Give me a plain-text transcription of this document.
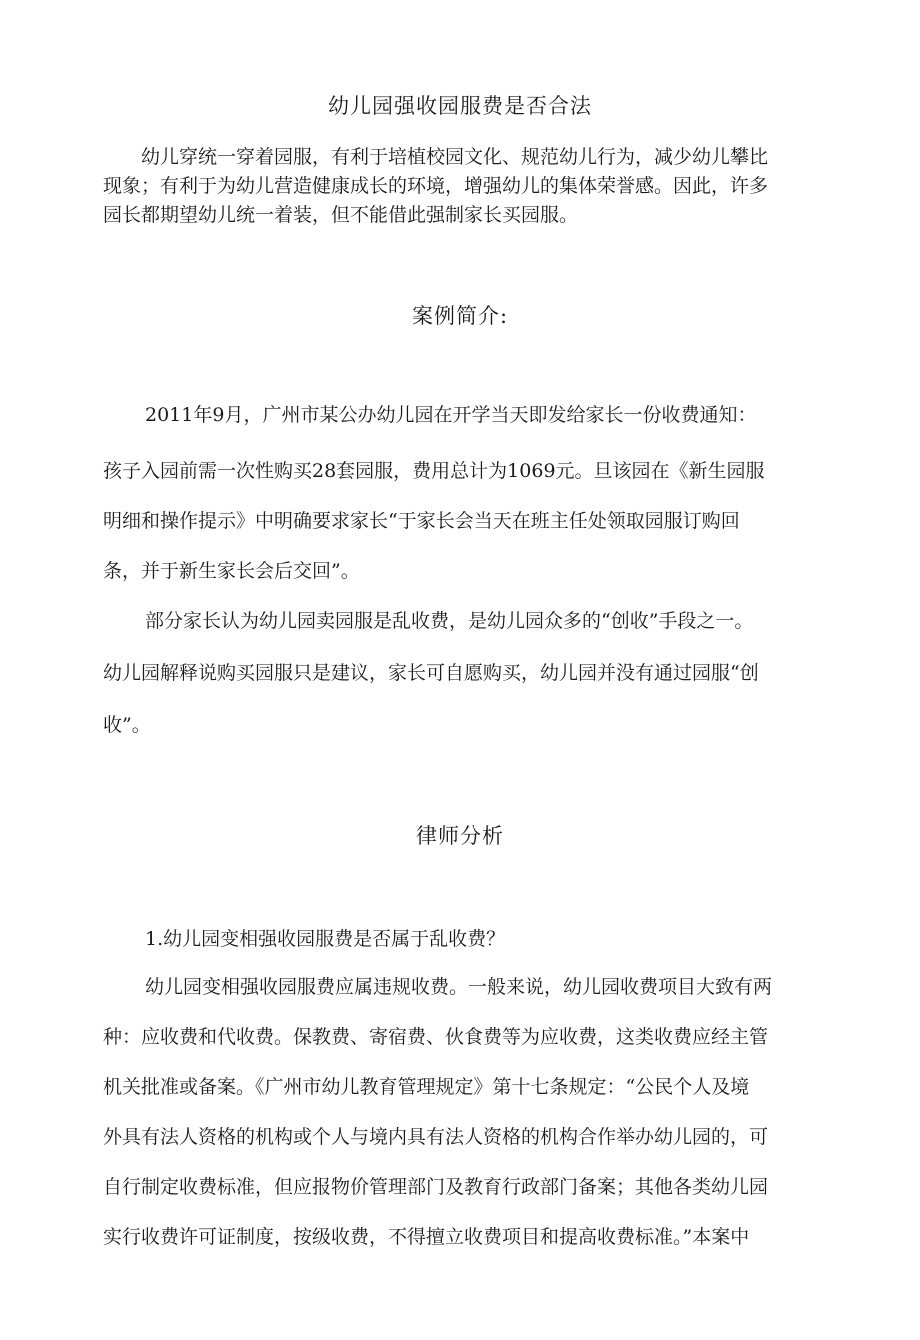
幼儿园强收园服费是否合法
幼儿穿统一穿着园服，有利于培植校园文化、规范幼儿行为，减少幼儿攀比
现象；有利于为幼儿营造健康成长的环境，增强幼儿的集体荣誉感。因此，许多
园长都期望幼儿统一着装，但不能借此强制家长买园服。
案例简介:
2011年9月，广州市某公办幼儿园在开学当天即发给家长一份收费通知：
孩子入园前需一次性购买28套园服，费用总计为1069元。旦该园在《新生园服
明细和操作提示》中明确要求家长“于家长会当天在班主任处领取园服订购回
条，并于新生家长会后交回”。
部分家长认为幼儿园卖园服是乱收费，是幼儿园众多的“创收”手段之一。
幼儿园解释说购买园服只是建议，家长可自愿购买，幼儿园并没有通过园服“创
收”。
律师分析
1.幼儿园变相强收园服费是否属于乱收费？
幼儿园变相强收园服费应属违规收费。一般来说，幼儿园收费项目大致有两
种：应收费和代收费。保教费、寄宿费、伙食费等为应收费，这类收费应经主管
机关批准或备案。《广州市幼儿教育管理规定》第十七条规定：“公民个人及境
外具有法人资格的机构或个人与境内具有法人资格的机构合作举办幼儿园的，可
自行制定收费标准，但应报物价管理部门及教育行政部门备案；其他各类幼儿园
实行收费许可证制度，按级收费，不得擅立收费项目和提高收费标准。”本案中
